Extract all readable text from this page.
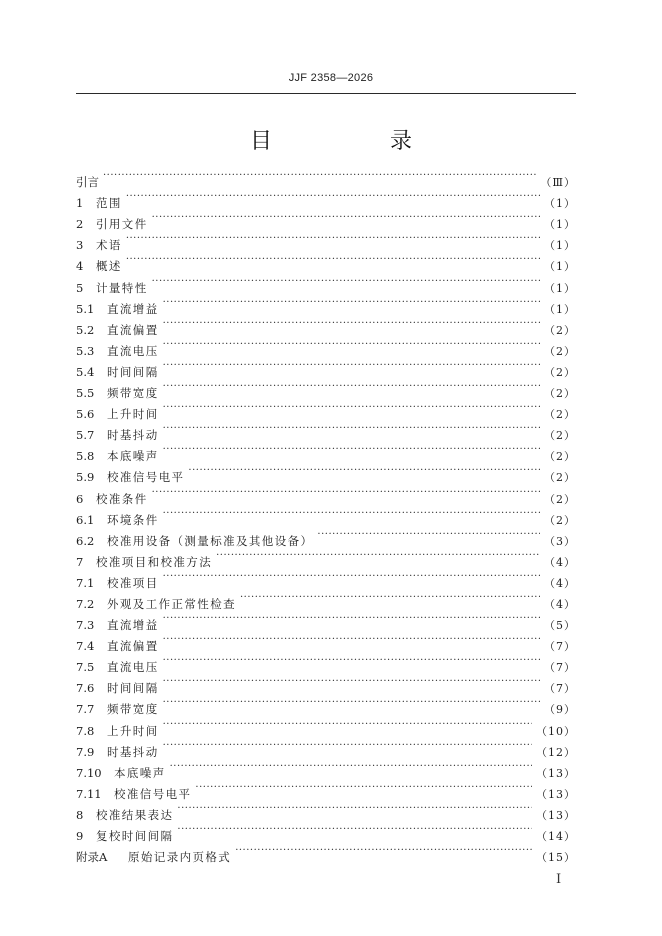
JJF 2358—2026
目　录
引言 ·····	（Ⅲ）
1	范围 ·····	（1）
2	引用文件 ·····	（1）
3	术语 ·····	（1）
4	概述 ·····	（1）
5	计量特性 ·····	（1）
5.1	直流增益 ·····	（1）
5.2	直流偏置 ·····	（2）
5.3	直流电压 ·····	（2）
5.4	时间间隔 ·····	（2）
5.5	频带宽度 ·····	（2）
5.6	上升时间 ·····	（2）
5.7	时基抖动 ·····	（2）
5.8	本底噪声 ·····	（2）
5.9	校准信号电平 ·····	（2）
6	校准条件 ·····	（2）
6.1	环境条件 ·····	（2）
6.2	校准用设备（测量标准及其他设备） ·····	（3）
7	校准项目和校准方法 ·····	（4）
7.1	校准项目 ·····	（4）
7.2	外观及工作正常性检查 ·····	（4）
7.3	直流增益 ·····	（5）
7.4	直流偏置 ·····	（7）
7.5	直流电压 ·····	（7）
7.6	时间间隔 ·····	（7）
7.7	频带宽度 ·····	（9）
7.8	上升时间 ·····	（10）
7.9	时基抖动 ·····	（12）
7.10	本底噪声 ·····	（13）
7.11	校准信号电平 ·····	（13）
8	校准结果表达 ·····	（13）
9	复校时间间隔 ·····	（14）
附录A	原始记录内页格式 ·····	（15）
I
